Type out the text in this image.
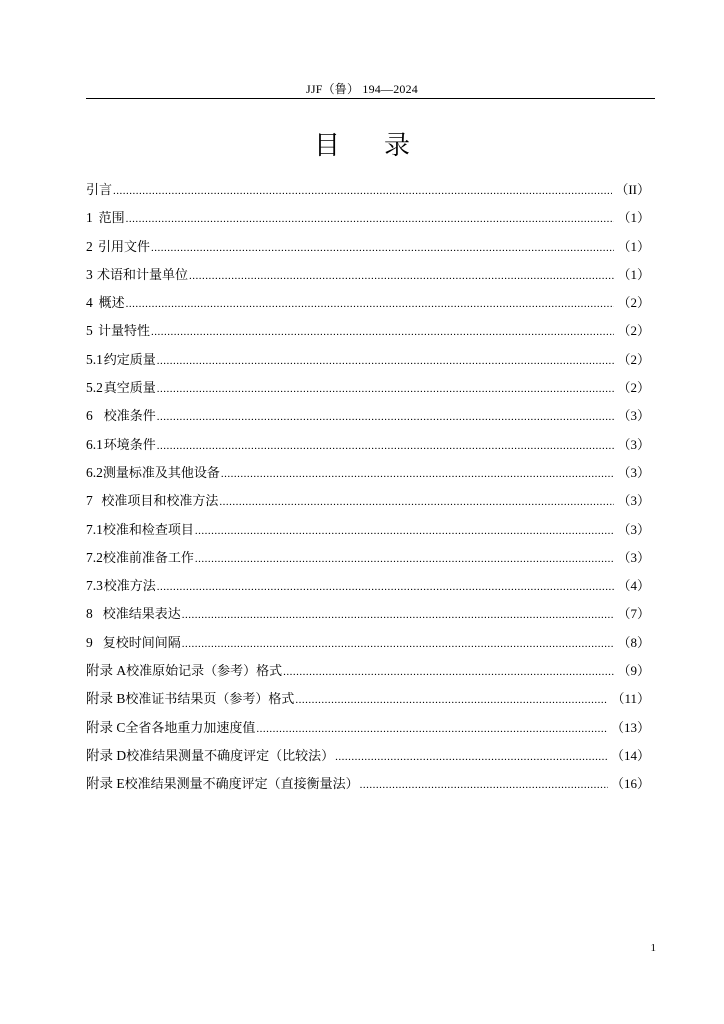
JJF（鲁） 194—2024
目录
引言 .....	（II）
1 范围 .....	（1）
2 引用文件 .....	（1）
3 术语和计量单位 .....	（1）
4 概述 .....	（2）
5 计量特性 .....	（2）
5.1 约定质量 .....	（2）
5.2 真空质量 .....	（2）
6 校准条件 .....	（3）
6.1 环境条件 .....	（3）
6.2 测量标准及其他设备 .....	（3）
7 校准项目和校准方法 .....	（3）
7.1 校准和检查项目 .....	（3）
7.2 校准前准备工作 .....	（3）
7.3 校准方法 .....	（4）
8 校准结果表达 .....	（7）
9 复校时间间隔 .....	（8）
附录 A 校准原始记录（参考）格式 .....	（9）
附录 B 校准证书结果页（参考）格式 .....	（11）
附录 C 全省各地重力加速度值 .....	（13）
附录 D 校准结果测量不确度评定（比较法） .....	（14）
附录 E 校准结果测量不确度评定（直接衡量法） .....	（16）
1
